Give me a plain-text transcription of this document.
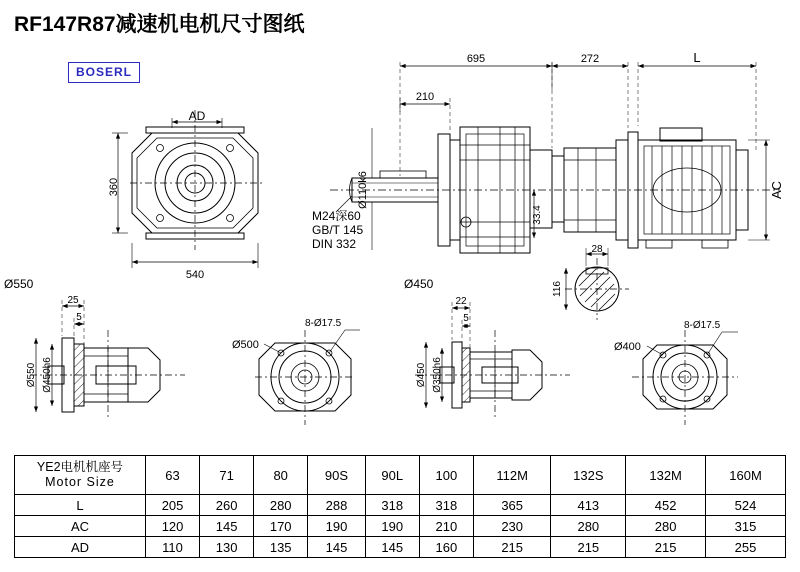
RF147R87减速机电机尺寸图纸
BOSERL
695	272	L
210
AD
540
360	AC
Ø110k6
33.4
28
116
M24深60
GB/T 145
DIN 332
Ø550	Ø450
25
5
22
5
8-Ø17.5	8-Ø17.5
Ø550 Ø450h6
Ø500
Ø450 Ø350h6
Ø400
YE2电机机座号
Motor Size	63	71	80	90S	90L	100	112M	132S	132M	160M
L	205	260	280	288	318	318	365	413	452	524
AC	120	145	170	190	190	210	230	280	280	315
AD	110	130	135	145	145	160	215	215	215	255
